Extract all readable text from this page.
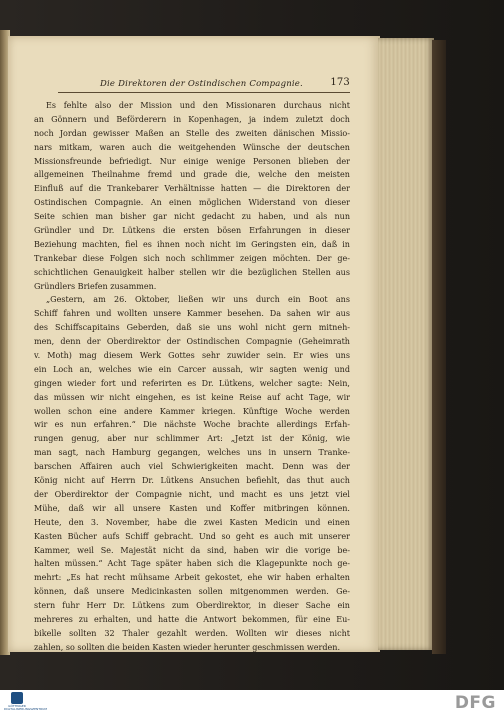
Die Direktoren der Ostindischen Compagnie.	173
Es fehlte also der Mission und den Missionaren durchaus nicht
an Gönnern und Beförderern in Kopenhagen, ja indem zuletzt doch
noch Jordan gewisser Maßen an Stelle des zweiten dänischen Missio-
nars mitkam, waren auch die weitgehenden Wünsche der deutschen
Missionsfreunde befriedigt. Nur einige wenige Personen blieben der
allgemeinen Theilnahme fremd und grade die, welche den meisten
Einfluß auf die Trankebarer Verhältnisse hatten — die Direktoren der
Ostindischen Compagnie. An einen möglichen Widerstand von dieser
Seite schien man bisher gar nicht gedacht zu haben, und als nun
Gründler und Dr. Lütkens die ersten bösen Erfahrungen in dieser
Beziehung machten, fiel es ihnen noch nicht im Geringsten ein, daß in
Trankebar diese Folgen sich noch schlimmer zeigen möchten. Der ge-
schichtlichen Genauigkeit halber stellen wir die bezüglichen Stellen aus
Gründlers Briefen zusammen.
„Gestern, am 26. Oktober, ließen wir uns durch ein Boot ans
Schiff fahren und wollten unsere Kammer besehen. Da sahen wir aus
des Schiffscapitains Geberden, daß sie uns wohl nicht gern mitneh-
men, denn der Oberdirektor der Ostindischen Compagnie (Geheimrath
v. Moth) mag diesem Werk Gottes sehr zuwider sein. Er wies uns
ein Loch an, welches wie ein Carcer aussah, wir sagten wenig und
gingen wieder fort und referirten es Dr. Lütkens, welcher sagte: Nein,
das müssen wir nicht eingehen, es ist keine Reise auf acht Tage, wir
wollen schon eine andere Kammer kriegen. Künftige Woche werden
wir es nun erfahren.“ Die nächste Woche brachte allerdings Erfah-
rungen genug, aber nur schlimmer Art: „Jetzt ist der König, wie
man sagt, nach Hamburg gegangen, welches uns in unsern Tranke-
barschen Affairen auch viel Schwierigkeiten macht. Denn was der
König nicht auf Herrn Dr. Lütkens Ansuchen befiehlt, das thut auch
der Oberdirektor der Compagnie nicht, und macht es uns jetzt viel
Mühe, daß wir all unsere Kasten und Koffer mitbringen können.
Heute, den 3. November, habe die zwei Kasten Medicin und einen
Kasten Bücher aufs Schiff gebracht. Und so geht es auch mit unserer
Kammer, weil Se. Majestät nicht da sind, haben wir die vorige be-
halten müssen.“ Acht Tage später haben sich die Klagepunkte noch ge-
mehrt: „Es hat recht mühsame Arbeit gekostet, ehe wir haben erhalten
können, daß unsere Medicinkasten sollen mitgenommen werden. Ge-
stern fuhr Herr Dr. Lütkens zum Oberdirektor, in dieser Sache ein
mehreres zu erhalten, und hatte die Antwort bekommen, für eine Eu-
bikelle sollten 32 Thaler gezahlt werden. Wollten wir dieses nicht
zahlen, so sollten die beiden Kasten wieder herunter geschmissen werden.
GÖTTINGER DIGITALISIERUNGSZENTRUM	DFG
